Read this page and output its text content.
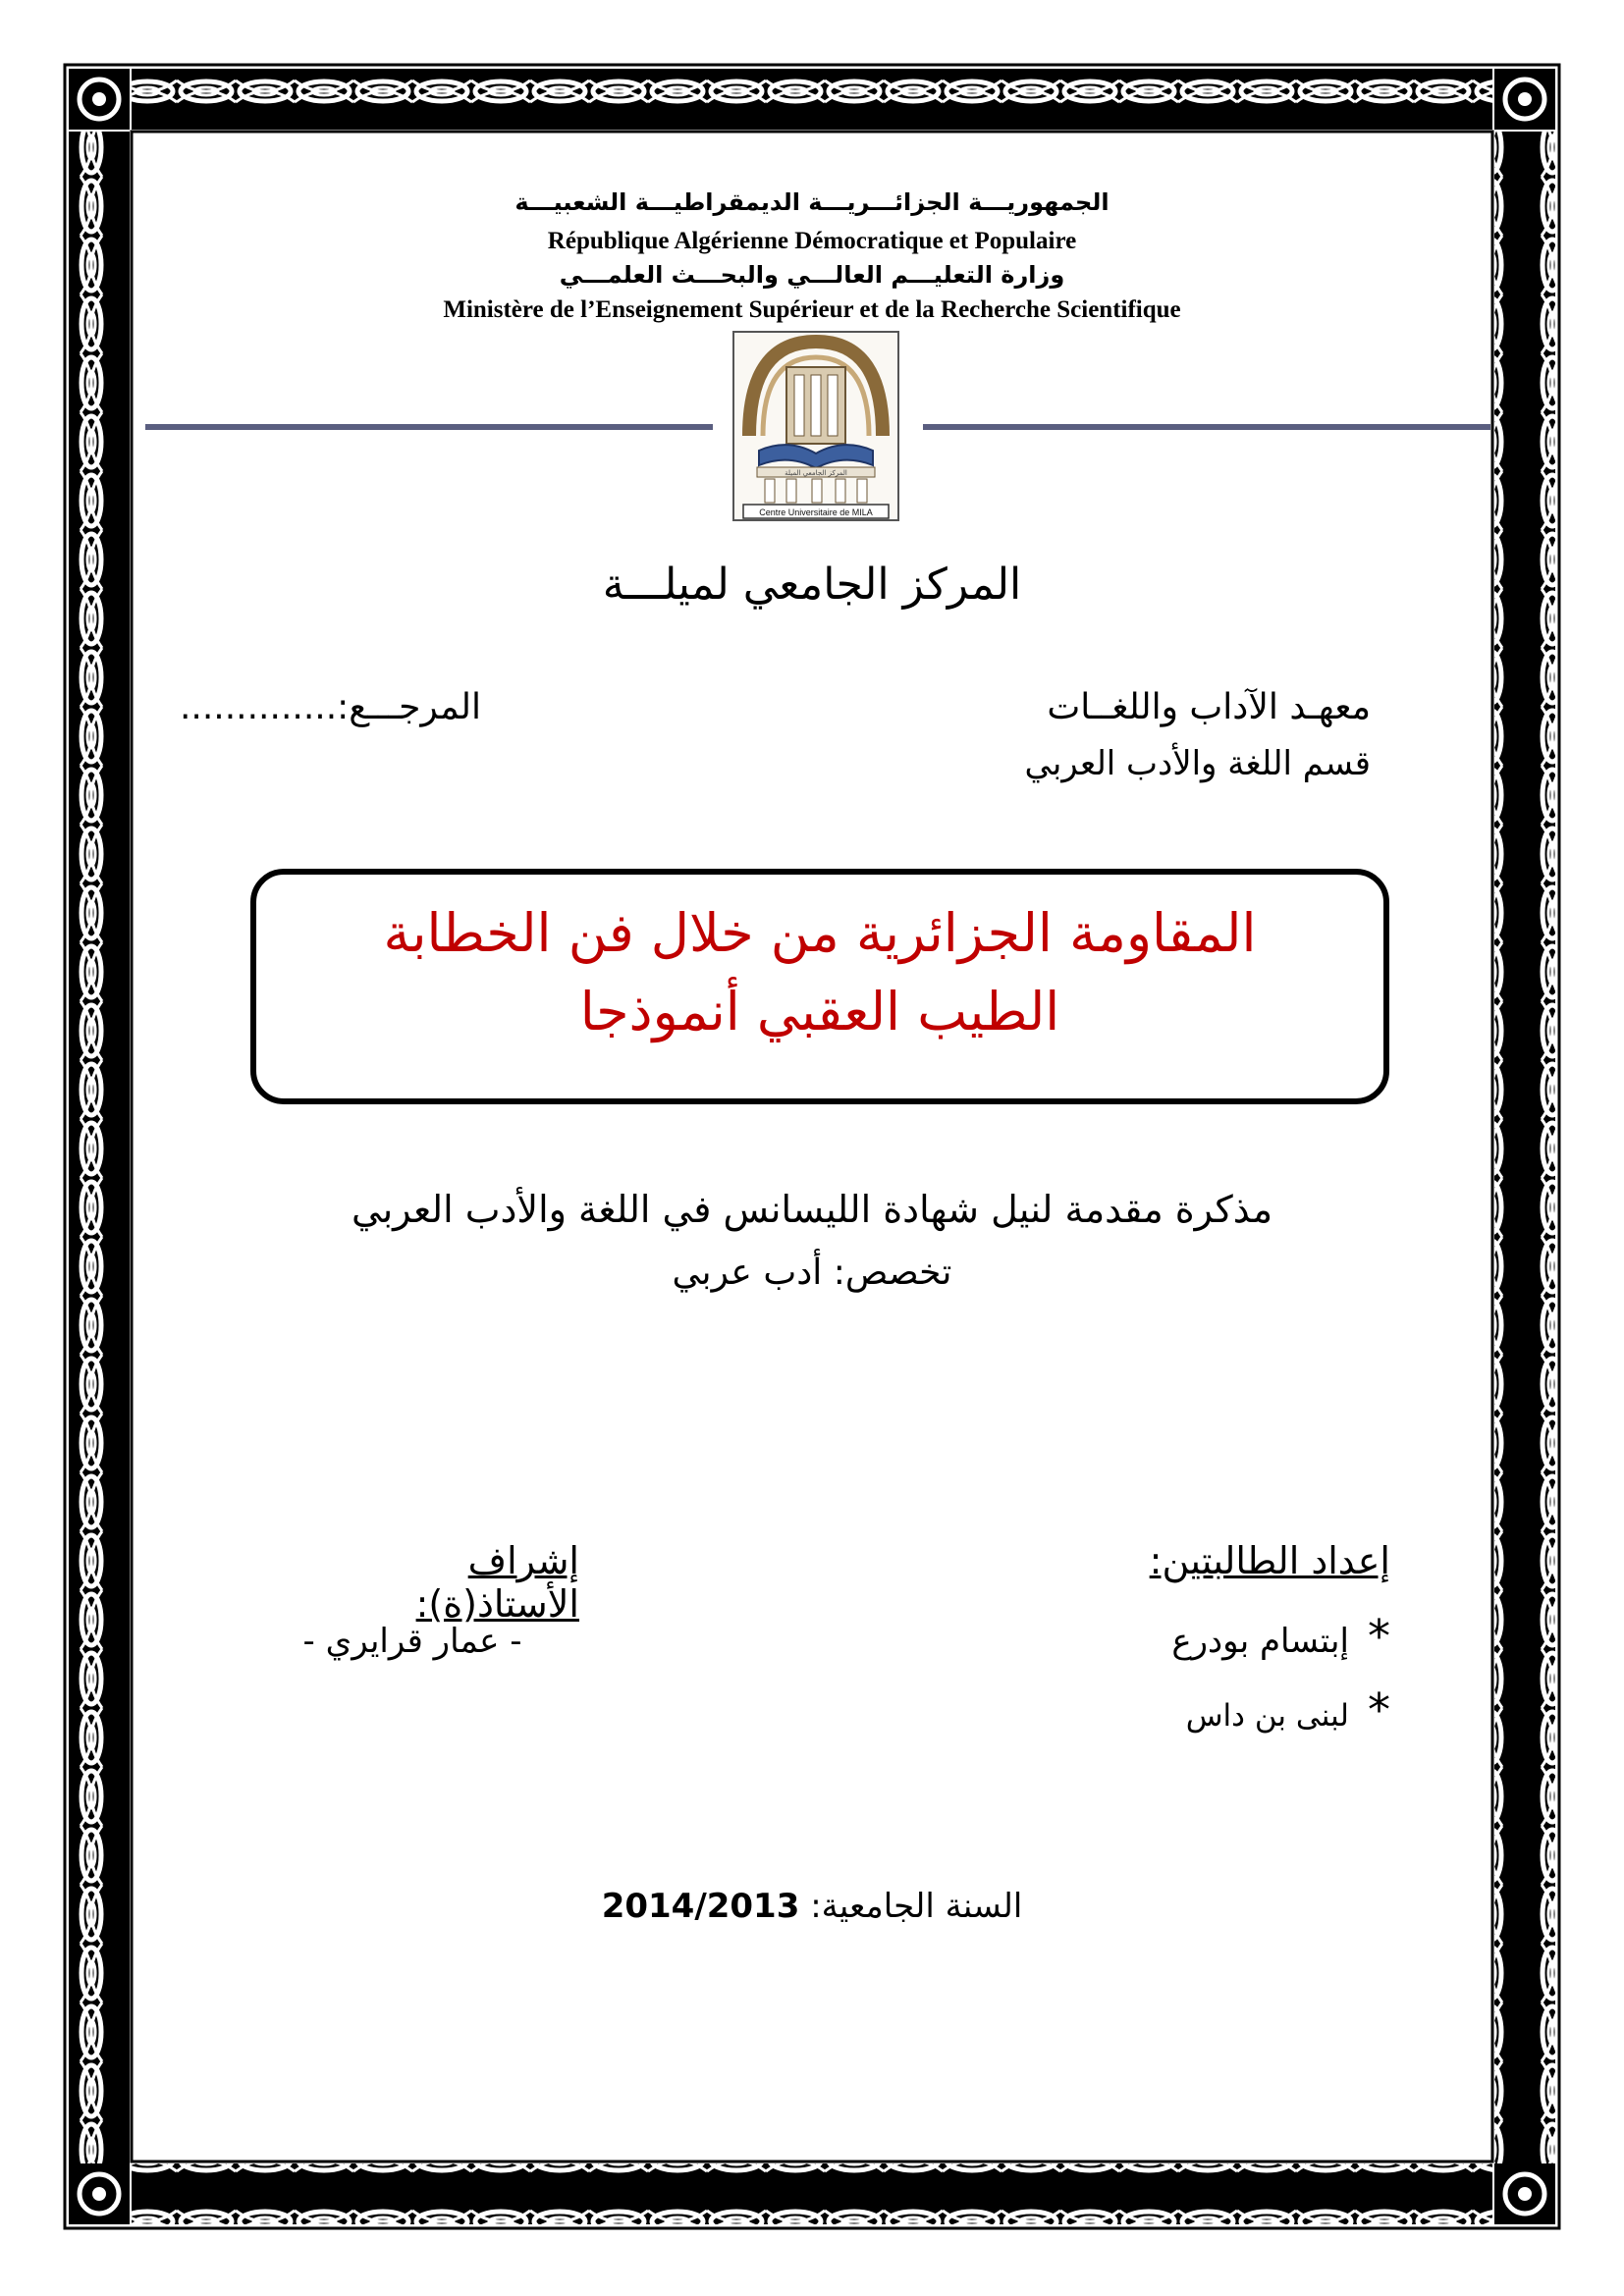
الجمهوريـــة الجزائـــريـــة الديمقراطيـــة الشعبيـــة
République Algérienne Démocratique et Populaire
وزارة التعليـــم العالـــي والبحـــث العلمـــي
Ministère de l’Enseignement Supérieur et de la Recherche Scientifique
المركز الجامعي الميلة
Centre Universitaire de MILA
المركز الجامعي لميلـــة
معهـد الآداب واللغــات
قسم اللغة والأدب العربي
المرجـــع:..............
المقاومة الجزائرية من خلال فن الخطابة
الطيب العقبي أنموذجا
مذكرة مقدمة لنيل شهادة الليسانس في اللغة والأدب العربي
تخصص: أدب عربي
إعداد الطالبتين:
* إبتسام بودرع
* لبنى بن داس
إشراف الأستاذ(ة):
- عمار قرايري -
السنة الجامعية: 2014/2013
